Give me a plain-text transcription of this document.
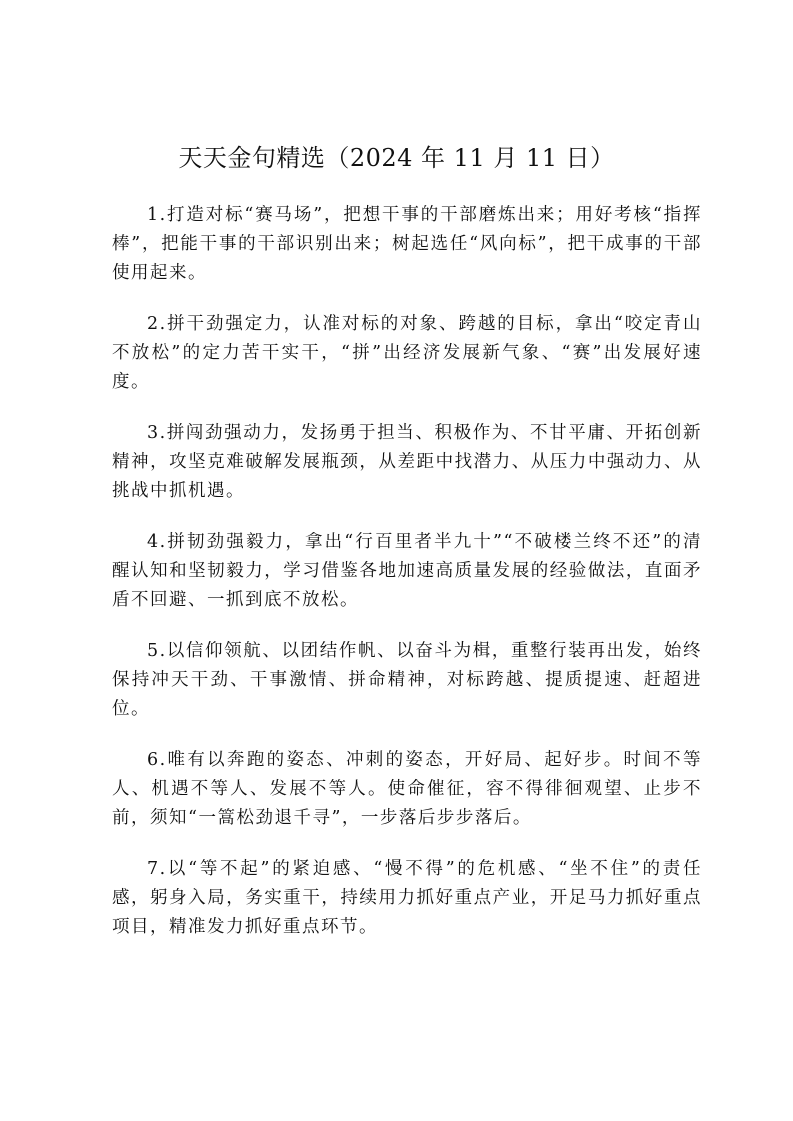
天天金句精选（2024 年 11 月 11 日）

1.打造对标“赛马场”，把想干事的干部磨炼出来；用好考核“指挥棒”，把能干事的干部识别出来；树起选任“风向标”，把干成事的干部使用起来。

2.拼干劲强定力，认准对标的对象、跨越的目标，拿出“咬定青山不放松”的定力苦干实干，“拼”出经济发展新气象、“赛”出发展好速度。

3.拼闯劲强动力，发扬勇于担当、积极作为、不甘平庸、开拓创新精神，攻坚克难破解发展瓶颈，从差距中找潜力、从压力中强动力、从挑战中抓机遇。

4.拼韧劲强毅力，拿出“行百里者半九十”“不破楼兰终不还”的清醒认知和坚韧毅力，学习借鉴各地加速高质量发展的经验做法，直面矛盾不回避、一抓到底不放松。

5.以信仰领航、以团结作帆、以奋斗为楫，重整行装再出发，始终保持冲天干劲、干事激情、拼命精神，对标跨越、提质提速、赶超进位。

6.唯有以奔跑的姿态、冲刺的姿态，开好局、起好步。时间不等人、机遇不等人、发展不等人。使命催征，容不得徘徊观望、止步不前，须知“一篙松劲退千寻”，一步落后步步落后。

7.以“等不起”的紧迫感、“慢不得”的危机感、“坐不住”的责任感，躬身入局，务实重干，持续用力抓好重点产业，开足马力抓好重点项目，精准发力抓好重点环节。
